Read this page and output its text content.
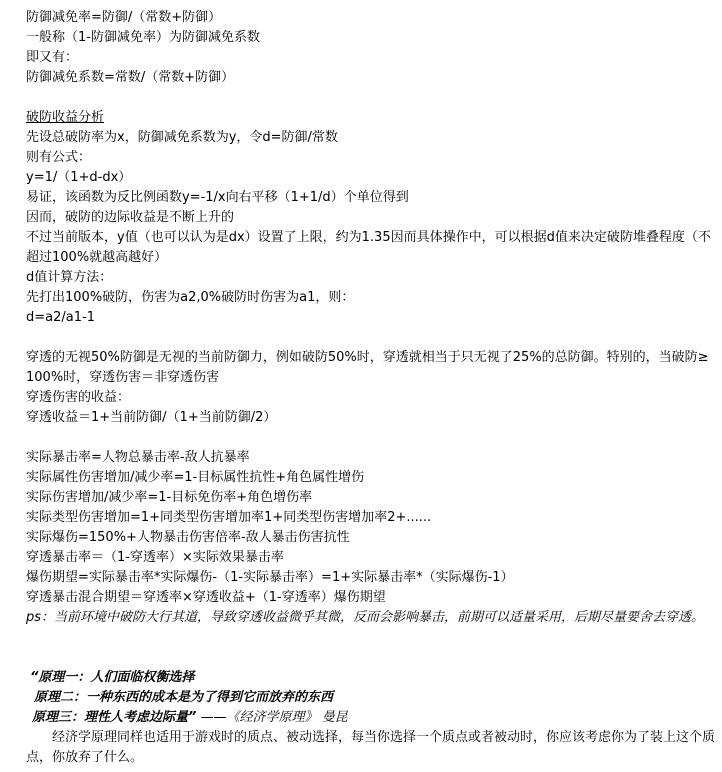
防御减免率=防御/（常数+防御）
一般称（1-防御减免率）为防御减免系数
即又有：
防御减免系数=常数/（常数+防御）
破防收益分析
先设总破防率为x，防御减免系数为y，令d=防御/常数
则有公式：
y=1/（1+d-dx）
易证，该函数为反比例函数y=-1/x向右平移（1+1/d）个单位得到
因而，破防的边际收益是不断上升的
不过当前版本，y值（也可以认为是dx）设置了上限，约为1.35因而具体操作中，可以根据d值来决定破防堆叠程度（不超过100%就越高越好）
d值计算方法：
先打出100%破防，伤害为a2,0%破防时伤害为a1，则：
d=a2/a1-1
穿透的无视50%防御是无视的当前防御力，例如破防50%时，穿透就相当于只无视了25%的总防御。特别的，当破防≥100%时，穿透伤害＝非穿透伤害
穿透伤害的收益：
穿透收益＝1+当前防御/（1+当前防御/2）
实际暴击率=人物总暴击率-敌人抗暴率
实际属性伤害增加/减少率=1-目标属性抗性+角色属性增伤
实际伤害增加/减少率=1-目标免伤率+角色增伤率
实际类型伤害增加=1+同类型伤害增加率1+同类型伤害增加率2+......
实际爆伤=150%+人物暴击伤害倍率-敌人暴击伤害抗性
穿透暴击率＝（1-穿透率）×实际效果暴击率
爆伤期望=实际暴击率*实际爆伤-（1-实际暴击率）=1+实际暴击率*（实际爆伤-1）
穿透暴击混合期望＝穿透率×穿透收益+（1-穿透率）爆伤期望
ps：当前环境中破防大行其道，导致穿透收益微乎其微，反而会影响暴击，前期可以适量采用，后期尽量要舍去穿透。
“原理一：人们面临权衡选择
原理二：一种东西的成本是为了得到它而放弃的东西
原理三：理性人考虑边际量” ——《经济学原理》 曼昆
经济学原理同样也适用于游戏时的质点、被动选择，每当你选择一个质点或者被动时，你应该考虑你为了装上这个质点，你放弃了什么。
